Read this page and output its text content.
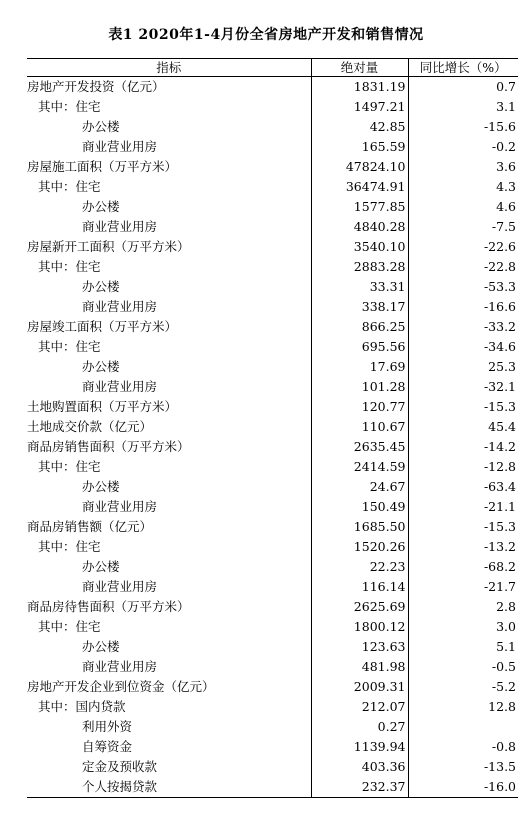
表1 2020年1-4月份全省房地产开发和销售情况
指标	绝对量	同比增长（%）
房地产开发投资（亿元）	1831.19	0.7
其中：住宅	1497.21	3.1
办公楼	42.85	-15.6
商业营业用房	165.59	-0.2
房屋施工面积（万平方米）	47824.10	3.6
其中：住宅	36474.91	4.3
办公楼	1577.85	4.6
商业营业用房	4840.28	-7.5
房屋新开工面积（万平方米）	3540.10	-22.6
其中：住宅	2883.28	-22.8
办公楼	33.31	-53.3
商业营业用房	338.17	-16.6
房屋竣工面积（万平方米）	866.25	-33.2
其中：住宅	695.56	-34.6
办公楼	17.69	25.3
商业营业用房	101.28	-32.1
土地购置面积（万平方米）	120.77	-15.3
土地成交价款（亿元）	110.67	45.4
商品房销售面积（万平方米）	2635.45	-14.2
其中：住宅	2414.59	-12.8
办公楼	24.67	-63.4
商业营业用房	150.49	-21.1
商品房销售额（亿元）	1685.50	-15.3
其中：住宅	1520.26	-13.2
办公楼	22.23	-68.2
商业营业用房	116.14	-21.7
商品房待售面积（万平方米）	2625.69	2.8
其中：住宅	1800.12	3.0
办公楼	123.63	5.1
商业营业用房	481.98	-0.5
房地产开发企业到位资金（亿元）	2009.31	-5.2
其中：国内贷款	212.07	12.8
利用外资	0.27	
自筹资金	1139.94	-0.8
定金及预收款	403.36	-13.5
个人按揭贷款	232.37	-16.0
